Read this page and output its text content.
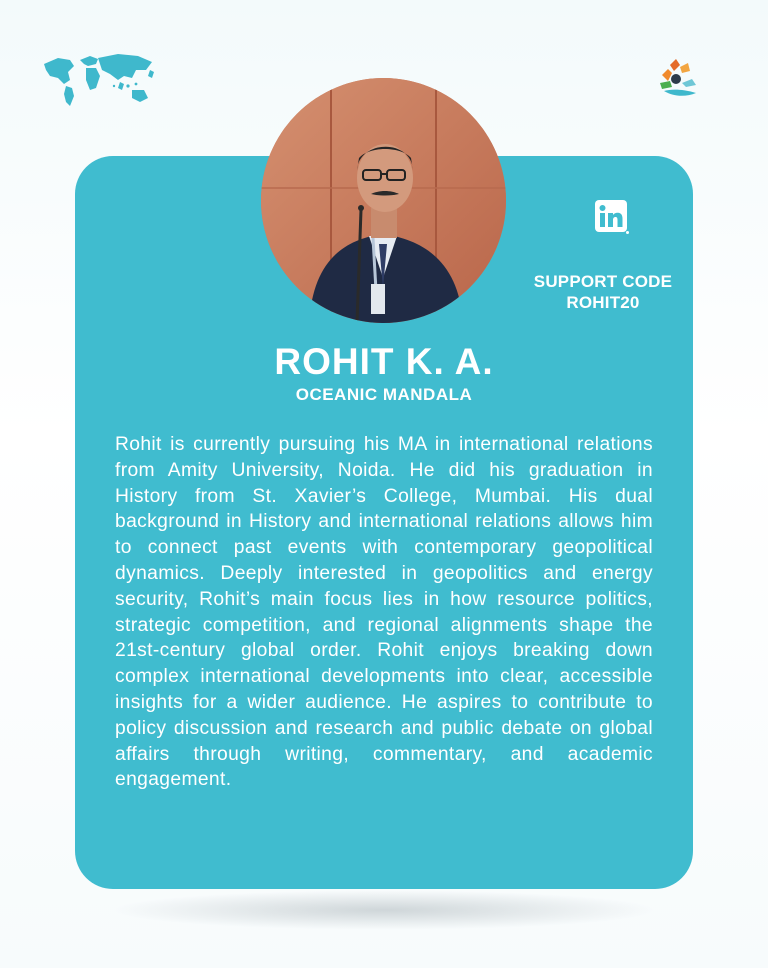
SUPPORT CODE
ROHIT20
ROHIT K. A.
OCEANIC MANDALA

Rohit is currently pursuing his MA in international relations from Amity University, Noida. He did his graduation in History from St. Xavier’s College, Mumbai. His dual background in History and international relations allows him to connect past events with contemporary geopolitical dynamics. Deeply interested in geopolitics and energy security, Rohit’s main focus lies in how resource politics, strategic competition, and regional alignments shape the 21st-century global order. Rohit enjoys breaking down complex international developments into clear, accessible insights for a wider audience. He aspires to contribute to policy discussion and research and public debate on global affairs through writing, commentary, and academic engagement.
